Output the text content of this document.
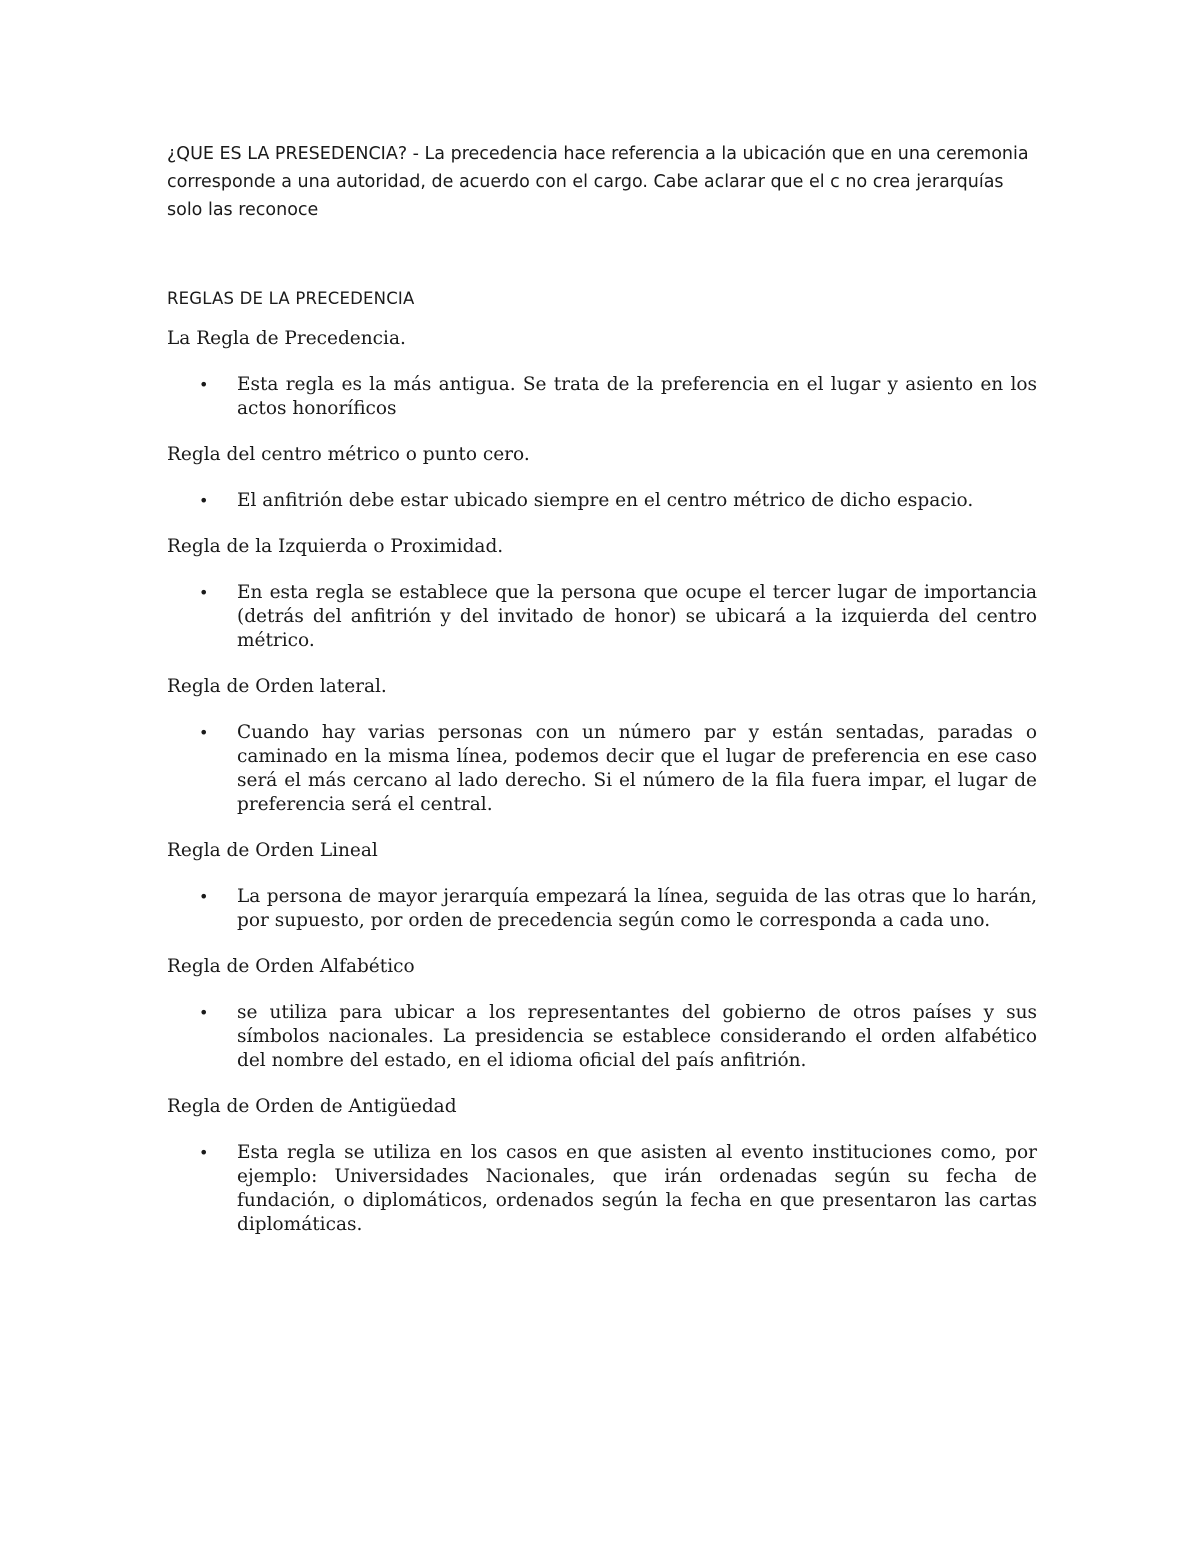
¿QUE ES LA PRESEDENCIA? - La precedencia hace referencia a la ubicación que en una ceremonia corresponde a una autoridad, de acuerdo con el cargo. Cabe aclarar que el c no crea jerarquías solo las reconoce

REGLAS DE LA PRECEDENCIA

La Regla de Precedencia.

• Esta regla es la más antigua. Se trata de la preferencia en el lugar y asiento en los actos honoríficos

Regla del centro métrico o punto cero.

• El anfitrión debe estar ubicado siempre en el centro métrico de dicho espacio.

Regla de la Izquierda o Proximidad.

• En esta regla se establece que la persona que ocupe el tercer lugar de importancia (detrás del anfitrión y del invitado de honor) se ubicará a la izquierda del centro métrico.

Regla de Orden lateral.

• Cuando hay varias personas con un número par y están sentadas, paradas o caminado en la misma línea, podemos decir que el lugar de preferencia en ese caso será el más cercano al lado derecho. Si el número de la fila fuera impar, el lugar de preferencia será el central.

Regla de Orden Lineal

• La persona de mayor jerarquía empezará la línea, seguida de las otras que lo harán, por supuesto, por orden de precedencia según como le corresponda a cada uno.

Regla de Orden Alfabético

• se utiliza para ubicar a los representantes del gobierno de otros países y sus símbolos nacionales. La presidencia se establece considerando el orden alfabético del nombre del estado, en el idioma oficial del país anfitrión.

Regla de Orden de Antigüedad

• Esta regla se utiliza en los casos en que asisten al evento instituciones como, por ejemplo: Universidades Nacionales, que irán ordenadas según su fecha de fundación, o diplomáticos, ordenados según la fecha en que presentaron las cartas diplomáticas.
